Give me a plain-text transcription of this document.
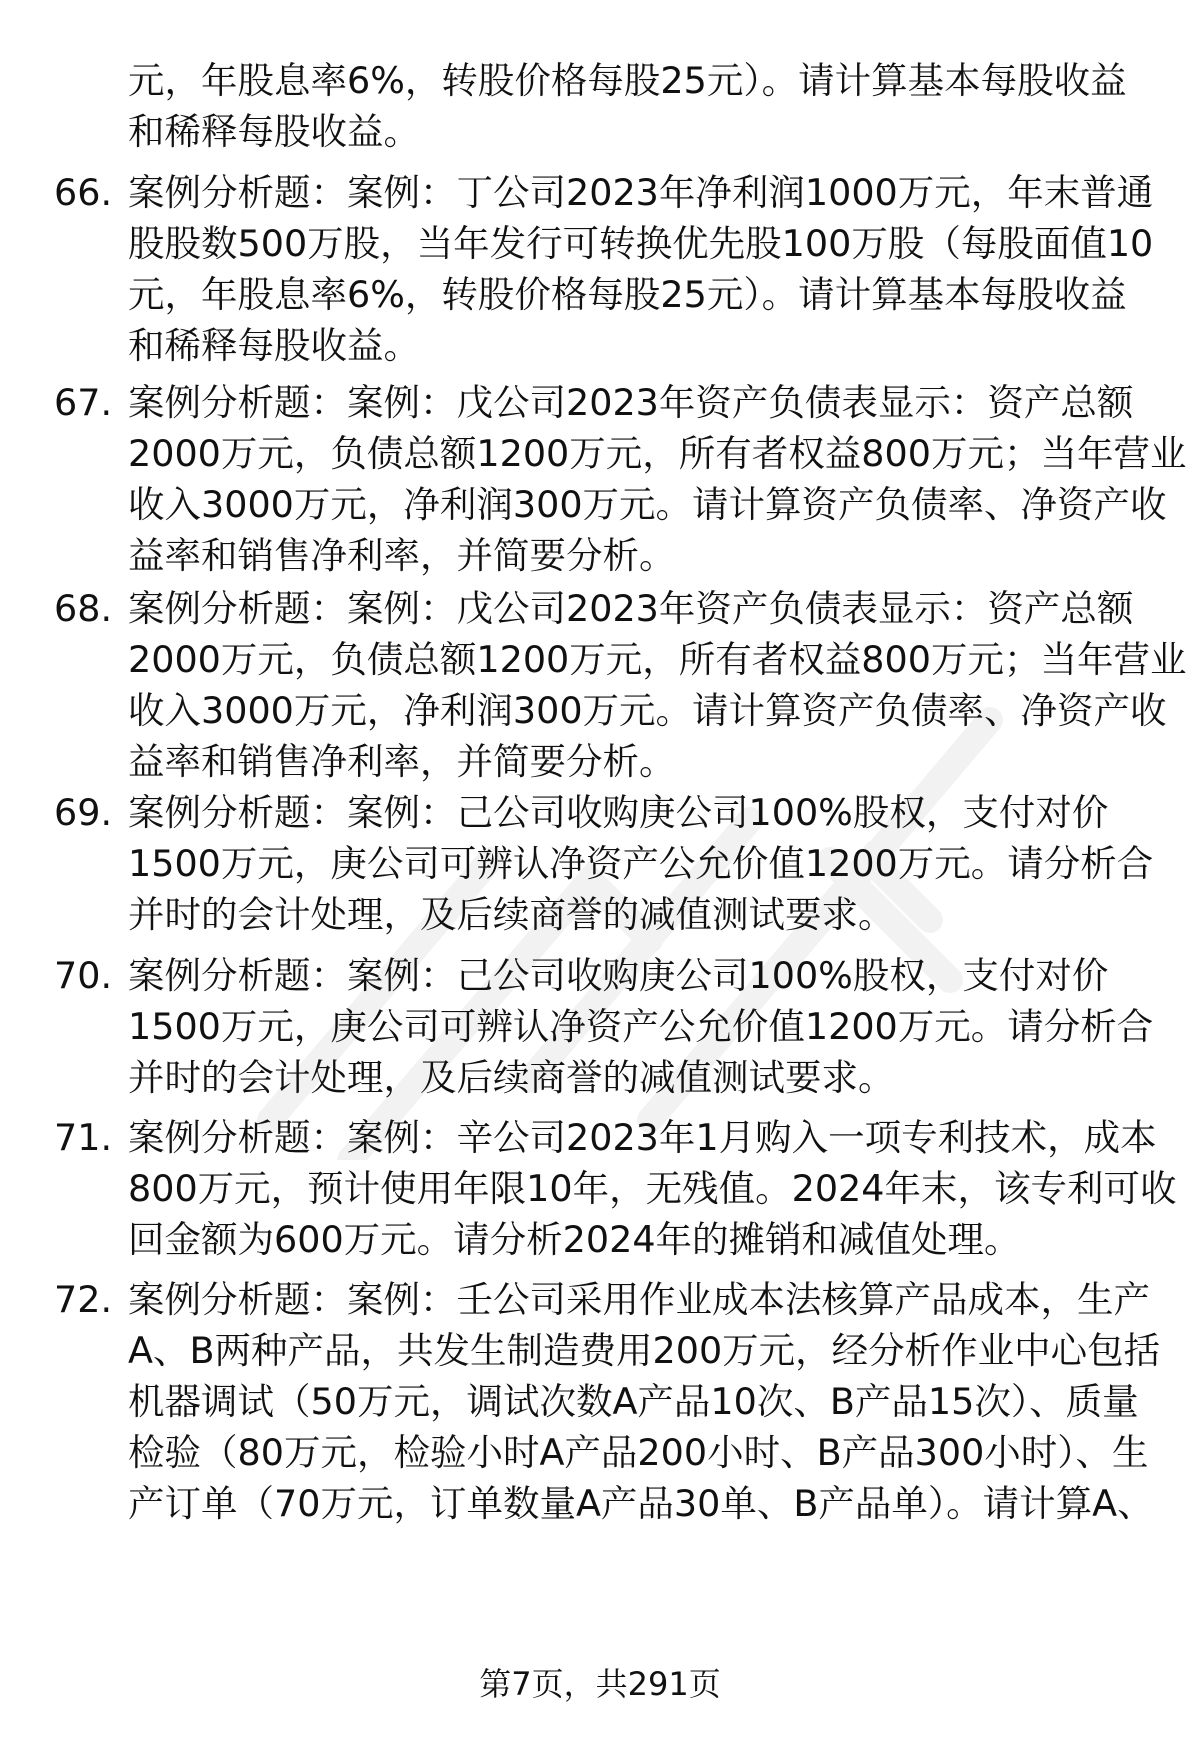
元，年股息率6%，转股价格每股25元）。请计算基本每股收益
和稀释每股收益。
66. 案例分析题：案例：丁公司2023年净利润1000万元，年末普通
股股数500万股，当年发行可转换优先股100万股（每股面值10
元，年股息率6%，转股价格每股25元）。请计算基本每股收益
和稀释每股收益。
67. 案例分析题：案例：戊公司2023年资产负债表显示：资产总额
2000万元，负债总额1200万元，所有者权益800万元；当年营业
收入3000万元，净利润300万元。请计算资产负债率、净资产收
益率和销售净利率，并简要分析。
68. 案例分析题：案例：戊公司2023年资产负债表显示：资产总额
2000万元，负债总额1200万元，所有者权益800万元；当年营业
收入3000万元，净利润300万元。请计算资产负债率、净资产收
益率和销售净利率，并简要分析。
69. 案例分析题：案例：己公司收购庚公司100%股权，支付对价
1500万元，庚公司可辨认净资产公允价值1200万元。请分析合
并时的会计处理，及后续商誉的减值测试要求。
70. 案例分析题：案例：己公司收购庚公司100%股权，支付对价
1500万元，庚公司可辨认净资产公允价值1200万元。请分析合
并时的会计处理，及后续商誉的减值测试要求。
71. 案例分析题：案例：辛公司2023年1月购入一项专利技术，成本
800万元，预计使用年限10年，无残值。2024年末，该专利可收
回金额为600万元。请分析2024年的摊销和减值处理。
72. 案例分析题：案例：壬公司采用作业成本法核算产品成本，生产
A、B两种产品，共发生制造费用200万元，经分析作业中心包括
机器调试（50万元，调试次数A产品10次、B产品15次）、质量
检验（80万元，检验小时A产品200小时、B产品300小时）、生
产订单（70万元，订单数量A产品30单、B产品单）。请计算A、
第7页，共291页
